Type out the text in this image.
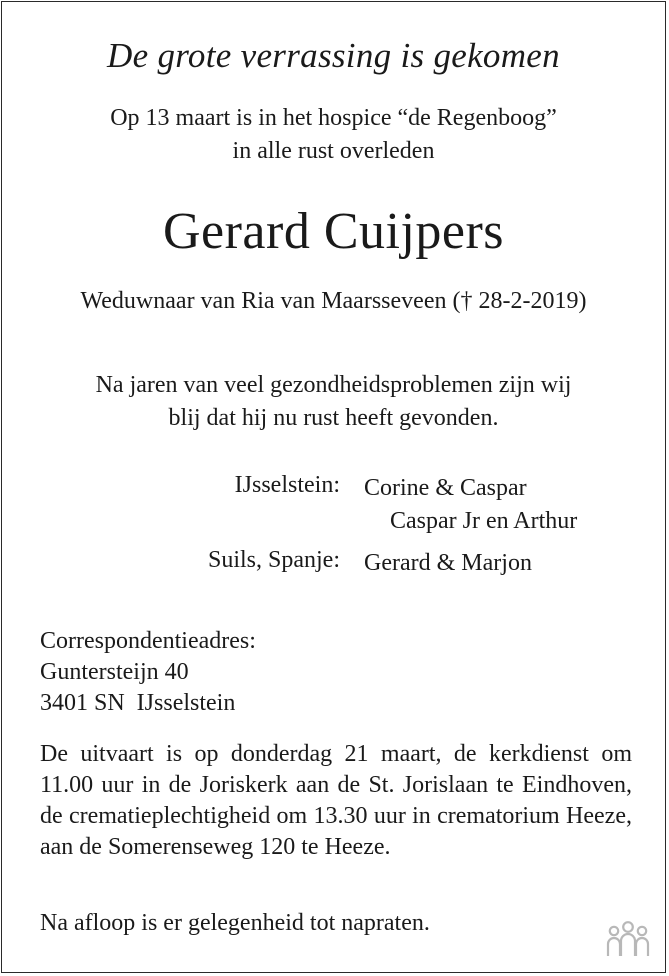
De grote verrassing is gekomen
Op 13 maart is in het hospice “de Regenboog”
in alle rust overleden
Gerard Cuijpers
Weduwnaar van Ria van Maarsseveen († 28-2-2019)
Na jaren van veel gezondheidsproblemen zijn wij
blij dat hij nu rust heeft gevonden.
IJsselstein: Corine & Caspar
Caspar Jr en Arthur
Suils, Spanje: Gerard & Marjon
Correspondentieadres:
Guntersteijn 40
3401 SN  IJsselstein
De uitvaart is op donderdag 21 maart, de kerkdienst om 11.00 uur in de Joriskerk aan de St. Jorislaan te Eindhoven, de crematieplechtigheid om 13.30 uur in crematorium Heeze, aan de Somerenseweg 120 te Heeze.
Na afloop is er gelegenheid tot napraten.
